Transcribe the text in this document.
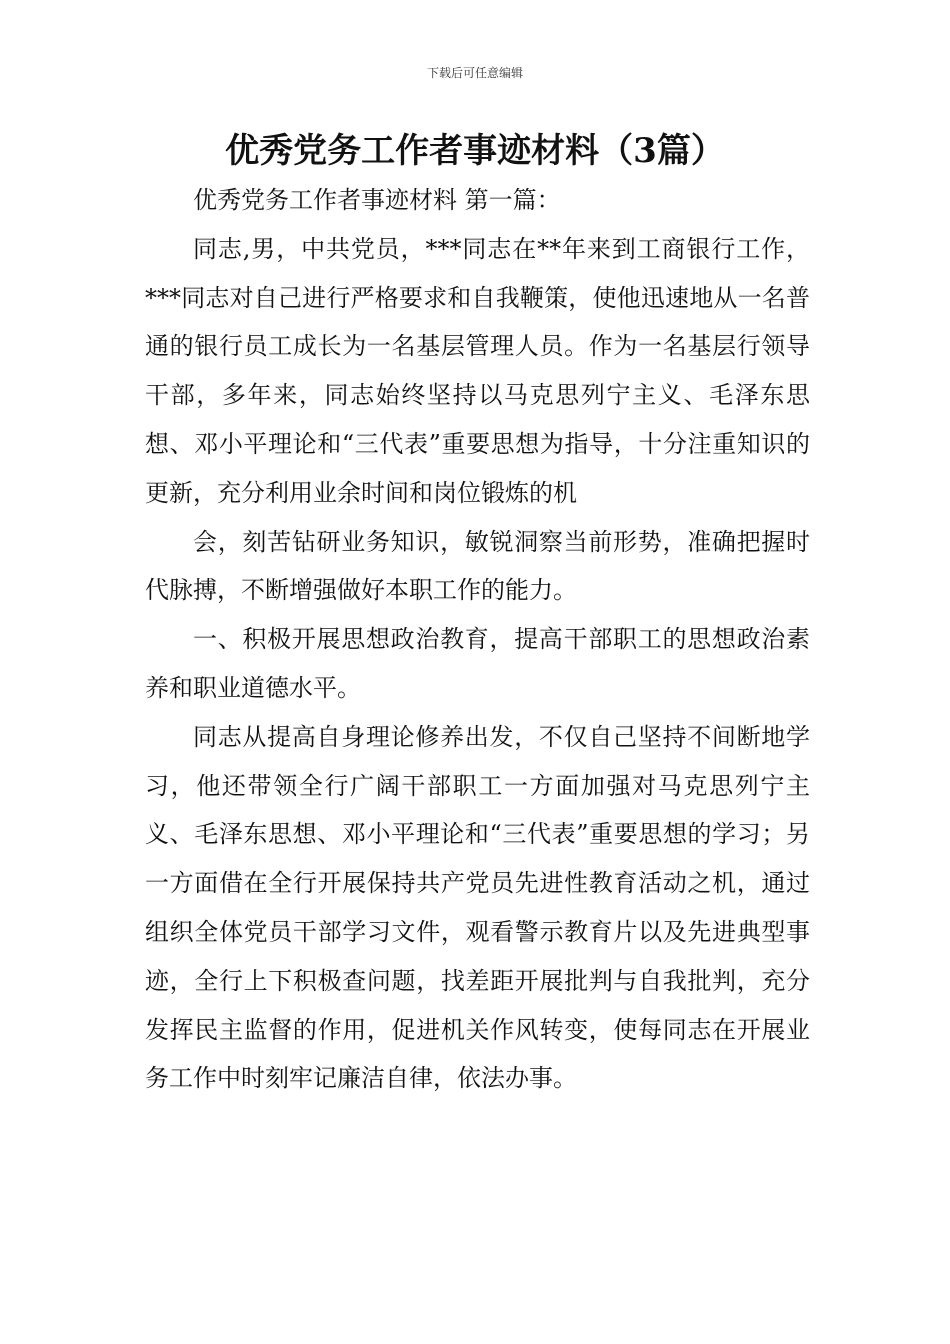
下载后可任意编辑
优秀党务工作者事迹材料（3篇）

优秀党务工作者事迹材料 第一篇：

同志,男，中共党员，***同志在**年来到工商银行工作，***同志对自己进行严格要求和自我鞭策，使他迅速地从一名普通的银行员工成长为一名基层管理人员。作为一名基层行领导干部，多年来，同志始终坚持以马克思列宁主义、毛泽东思想、邓小平理论和“三代表”重要思想为指导，十分注重知识的更新，充分利用业余时间和岗位锻炼的机

会，刻苦钻研业务知识，敏锐洞察当前形势，准确把握时代脉搏，不断增强做好本职工作的能力。

一、积极开展思想政治教育，提高干部职工的思想政治素养和职业道德水平。

同志从提高自身理论修养出发，不仅自己坚持不间断地学习，他还带领全行广阔干部职工一方面加强对马克思列宁主义、毛泽东思想、邓小平理论和“三代表”重要思想的学习；另一方面借在全行开展保持共产党员先进性教育活动之机，通过组织全体党员干部学习文件，观看警示教育片以及先进典型事迹，全行上下积极查问题，找差距开展批判与自我批判，充分发挥民主监督的作用，促进机关作风转变，使每同志在开展业务工作中时刻牢记廉洁自律，依法办事。
